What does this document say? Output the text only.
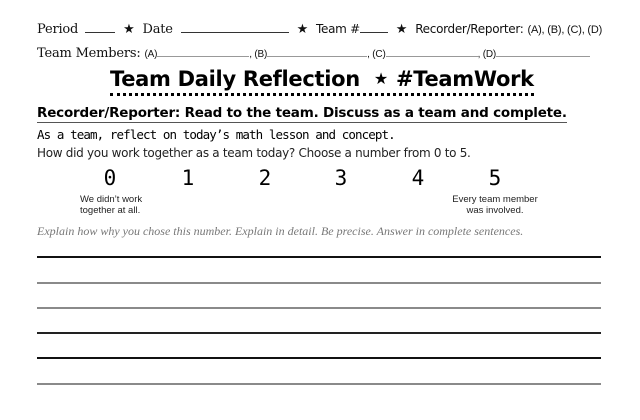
Period	★ Date	★ Team #	★ Recorder/Reporter: (A), (B), (C), (D)
Team Members: (A)	, (B)	, (C)	, (D)
Team Daily Reflection ★ #TeamWork
Recorder/Reporter: Read to the team. Discuss as a team and complete.
As a team, reflect on today’s math lesson and concept.
How did you work together as a team today? Choose a number from 0 to 5.
0	1	2	3	4	5
We didn’t work
together at all.
Every team member
was involved.
Explain how why you chose this number. Explain in detail. Be precise. Answer in complete sentences.
